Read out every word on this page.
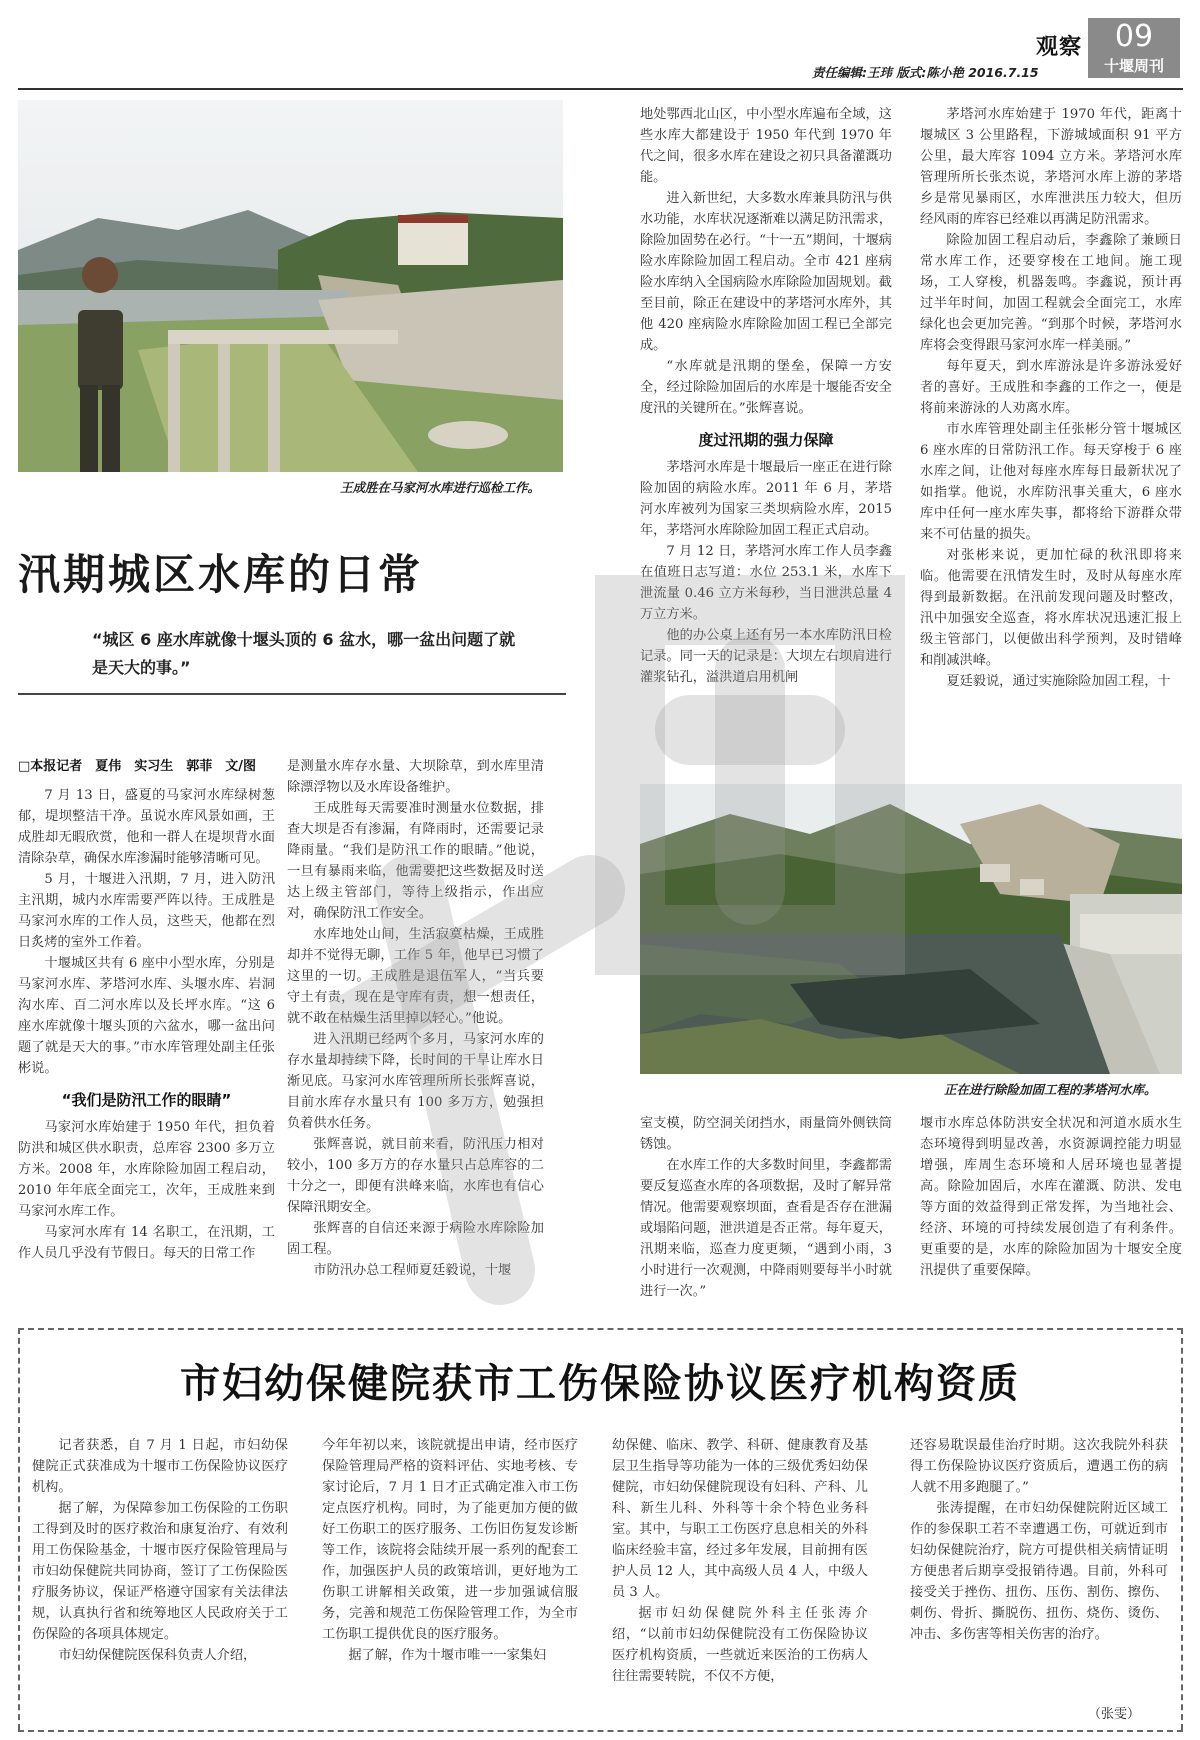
观察	09
十堰周刊
责任编辑:王玮 版式:陈小艳 2016.7.15
王成胜在马家河水库进行巡检工作。
汛期城区水库的日常
“城区 6 座水库就像十堰头顶的 6 盆水，哪一盆出问题了就是天大的事。”
□本报记者　夏伟　实习生　郭菲　文/图

7 月 13 日，盛夏的马家河水库绿树葱郁，堤坝整洁干净。虽说水库风景如画，王成胜却无暇欣赏，他和一群人在堤坝背水面清除杂草，确保水库渗漏时能够清晰可见。

5 月，十堰进入汛期，7 月，进入防汛主汛期，城内水库需要严阵以待。王成胜是马家河水库的工作人员，这些天，他都在烈日炙烤的室外工作着。

十堰城区共有 6 座中小型水库，分别是马家河水库、茅塔河水库、头堰水库、岩洞沟水库、百二河水库以及长坪水库。“这 6 座水库就像十堰头顶的六盆水，哪一盆出问题了就是天大的事。”市水库管理处副主任张彬说。

“我们是防汛工作的眼睛”

马家河水库始建于 1950 年代，担负着防洪和城区供水职责，总库容 2300 多万立方米。2008 年，水库除险加固工程启动，2010 年年底全面完工，次年，王成胜来到马家河水库工作。

马家河水库有 14 名职工，在汛期，工作人员几乎没有节假日。每天的日常工作

是测量水库存水量、大坝除草，到水库里清除漂浮物以及水库设备维护。

王成胜每天需要准时测量水位数据，排查大坝是否有渗漏，有降雨时，还需要记录降雨量。“我们是防汛工作的眼睛。”他说，一旦有暴雨来临，他需要把这些数据及时送达上级主管部门，等待上级指示，作出应对，确保防汛工作安全。

水库地处山间，生活寂寞枯燥，王成胜却并不觉得无聊，工作 5 年，他早已习惯了这里的一切。王成胜是退伍军人，“当兵要守土有责，现在是守库有责，想一想责任，就不敢在枯燥生活里掉以轻心。”他说。

进入汛期已经两个多月，马家河水库的存水量却持续下降，长时间的干旱让库水日渐见底。马家河水库管理所所长张辉喜说，目前水库存水量只有 100 多万方，勉强担负着供水任务。

张辉喜说，就目前来看，防汛压力相对较小，100 多万方的存水量只占总库容的二十分之一，即便有洪峰来临，水库也有信心保障汛期安全。

张辉喜的自信还来源于病险水库除险加固工程。

市防汛办总工程师夏廷毅说，十堰

地处鄂西北山区，中小型水库遍布全域，这些水库大都建设于 1950 年代到 1970 年代之间，很多水库在建设之初只具备灌溉功能。

进入新世纪，大多数水库兼具防汛与供水功能，水库状况逐渐难以满足防汛需求，除险加固势在必行。“十一五”期间，十堰病险水库除险加固工程启动。全市 421 座病险水库纳入全国病险水库除险加固规划。截至目前，除正在建设中的茅塔河水库外，其他 420 座病险水库除险加固工程已全部完成。

“水库就是汛期的堡垒，保障一方安全，经过除险加固后的水库是十堰能否安全度汛的关键所在。”张辉喜说。

度过汛期的强力保障

茅塔河水库是十堰最后一座正在进行除险加固的病险水库。2011 年 6 月，茅塔河水库被列为国家三类坝病险水库，2015 年，茅塔河水库除险加固工程正式启动。

7 月 12 日，茅塔河水库工作人员李鑫在值班日志写道：水位 253.1 米，水库下泄流量 0.46 立方米每秒，当日泄洪总量 4 万立方米。

他的办公桌上还有另一本水库防汛日检记录。同一天的记录是：大坝左右坝肩进行灌浆钻孔，溢洪道启用机闸

茅塔河水库始建于 1970 年代，距离十堰城区 3 公里路程，下游城域面积 91 平方公里，最大库容 1094 立方米。茅塔河水库管理所所长张杰说，茅塔河水库上游的茅塔乡是常见暴雨区，水库泄洪压力较大，但历经风雨的库容已经难以再满足防汛需求。

除险加固工程启动后，李鑫除了兼顾日常水库工作，还要穿梭在工地间。施工现场，工人穿梭，机器轰鸣。李鑫说，预计再过半年时间，加固工程就会全面完工，水库绿化也会更加完善。“到那个时候，茅塔河水库将会变得跟马家河水库一样美丽。”

每年夏天，到水库游泳是许多游泳爱好者的喜好。王成胜和李鑫的工作之一，便是将前来游泳的人劝离水库。

市水库管理处副主任张彬分管十堰城区 6 座水库的日常防汛工作。每天穿梭于 6 座水库之间，让他对每座水库每日最新状况了如指掌。他说，水库防汛事关重大，6 座水库中任何一座水库失事，都将给下游群众带来不可估量的损失。

对张彬来说，更加忙碌的秋汛即将来临。他需要在汛情发生时，及时从每座水库得到最新数据。在汛前发现问题及时整改，汛中加强安全巡查，将水库状况迅速汇报上级主管部门，以便做出科学预判，及时错峰和削减洪峰。

夏廷毅说，通过实施除险加固工程，十

正在进行除险加固工程的茅塔河水库。

室支模，防空洞关闭挡水，雨量筒外侧铁筒锈蚀。

在水库工作的大多数时间里，李鑫都需要反复巡查水库的各项数据，及时了解异常情况。他需要观察坝面，查看是否存在泄漏或塌陷问题，泄洪道是否正常。每年夏天，汛期来临，巡查力度更频，“遇到小雨，3 小时进行一次观测，中降雨则要每半小时就进行一次。”

堰市水库总体防洪安全状况和河道水质水生态环境得到明显改善，水资源调控能力明显增强，库周生态环境和人居环境也显著提高。除险加固后，水库在灌溉、防洪、发电等方面的效益得到正常发挥，为当地社会、经济、环境的可持续发展创造了有利条件。更重要的是，水库的除险加固为十堰安全度汛提供了重要保障。

市妇幼保健院获市工伤保险协议医疗机构资质

记者获悉，自 7 月 1 日起，市妇幼保健院正式获准成为十堰市工伤保险协议医疗机构。

据了解，为保障参加工伤保险的工伤职工得到及时的医疗救治和康复治疗、有效利用工伤保险基金，十堰市医疗保险管理局与市妇幼保健院共同协商，签订了工伤保险医疗服务协议，保证严格遵守国家有关法律法规，认真执行省和统筹地区人民政府关于工伤保险的各项具体规定。

市妇幼保健院医保科负责人介绍，

今年年初以来，该院就提出申请，经市医疗保险管理局严格的资料评估、实地考核、专家讨论后，7 月 1 日才正式确定准入市工伤定点医疗机构。同时，为了能更加方便的做好工伤职工的医疗服务、工伤旧伤复发诊断等工作，该院将会陆续开展一系列的配套工作，加强医护人员的政策培训，更好地为工伤职工讲解相关政策，进一步加强诚信服务，完善和规范工伤保险管理工作，为全市工伤职工提供优良的医疗服务。

据了解，作为十堰市唯一一家集妇

幼保健、临床、教学、科研、健康教育及基层卫生指导等功能为一体的三级优秀妇幼保健院，市妇幼保健院现设有妇科、产科、儿科、新生儿科、外科等十余个特色业务科室。其中，与职工工伤医疗息息相关的外科临床经验丰富，经过多年发展，目前拥有医护人员 12 人，其中高级人员 4 人，中级人员 3 人。

据市妇幼保健院外科主任张涛介绍，“以前市妇幼保健院没有工伤保险协议医疗机构资质，一些就近来医治的工伤病人往往需要转院，不仅不方便，

还容易耽误最佳治疗时期。这次我院外科获得工伤保险协议医疗资质后，遭遇工伤的病人就不用多跑腿了。”

张涛提醒，在市妇幼保健院附近区域工作的参保职工若不幸遭遇工伤，可就近到市妇幼保健院治疗，院方可提供相关病情证明方便患者后期享受报销待遇。目前，外科可接受关于挫伤、扭伤、压伤、割伤、擦伤、刺伤、骨折、撕脱伤、扭伤、烧伤、烫伤、冲击、多伤害等相关伤害的治疗。

（张雯）
